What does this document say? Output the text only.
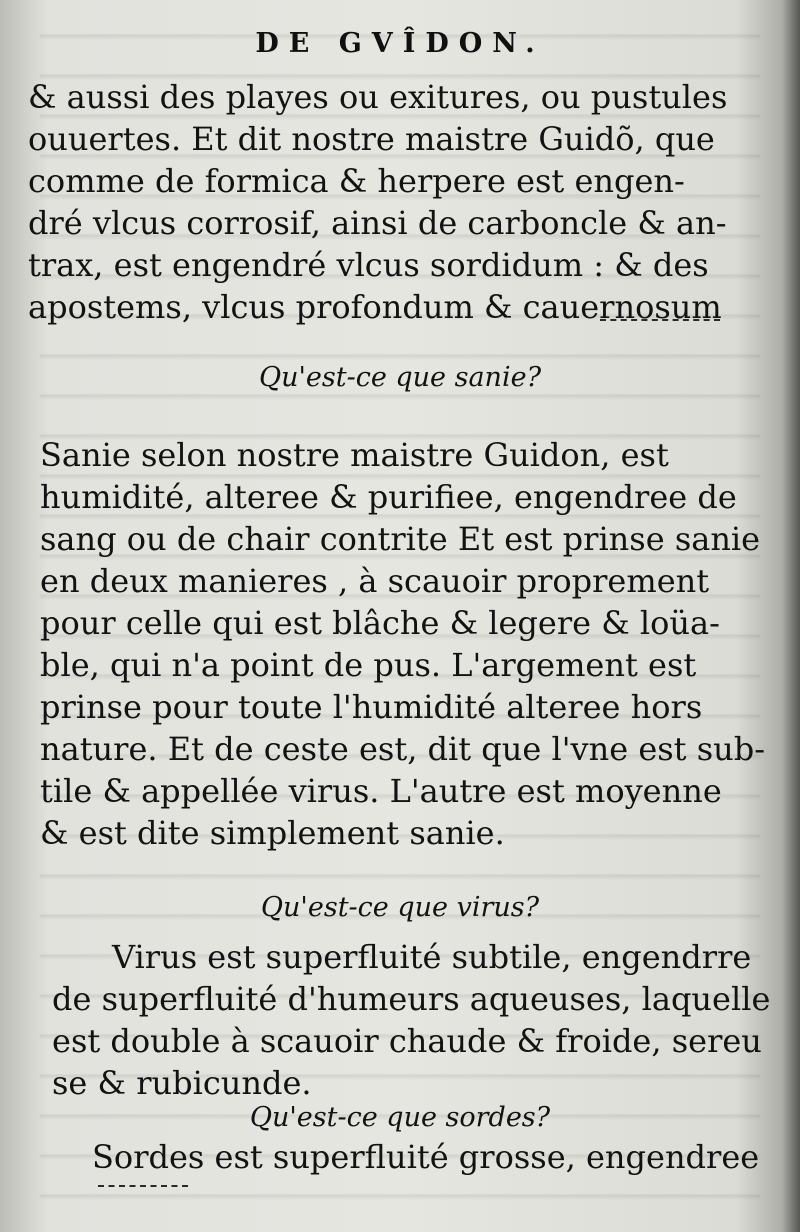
DE GVÎDON.
& aussi des playes ou exitures, ou pustules
ouuertes. Et dit nostre maistre Guidõ, que
comme de formica & herpere est engen-
dré vlcus corrosif, ainsi de carboncle & an-
trax, est engendré vlcus sordidum : & des
apostems, vlcus profondum & cauernosum
Qu'est-ce que sanie?
Sanie selon nostre maistre Guidon, est
humidité, alteree & purifiee, engendree de
sang ou de chair contrite Et est prinse sanie
en deux manieres , à scauoir proprement
pour celle qui est blâche & legere & loüa-
ble, qui n'a point de pus. L'argement est
prinse pour toute l'humidité alteree hors
nature. Et de ceste est, dit que l'vne est sub-
tile & appellée virus. L'autre est moyenne
& est dite simplement sanie.
Qu'est-ce que virus?
Virus est superfluité subtile, engendrre
de superfluité d'humeurs aqueuses, laquelle
est double à scauoir chaude & froide, sereu
se & rubicunde.
Qu'est-ce que sordes?
Sordes est superfluité grosse, engendree
